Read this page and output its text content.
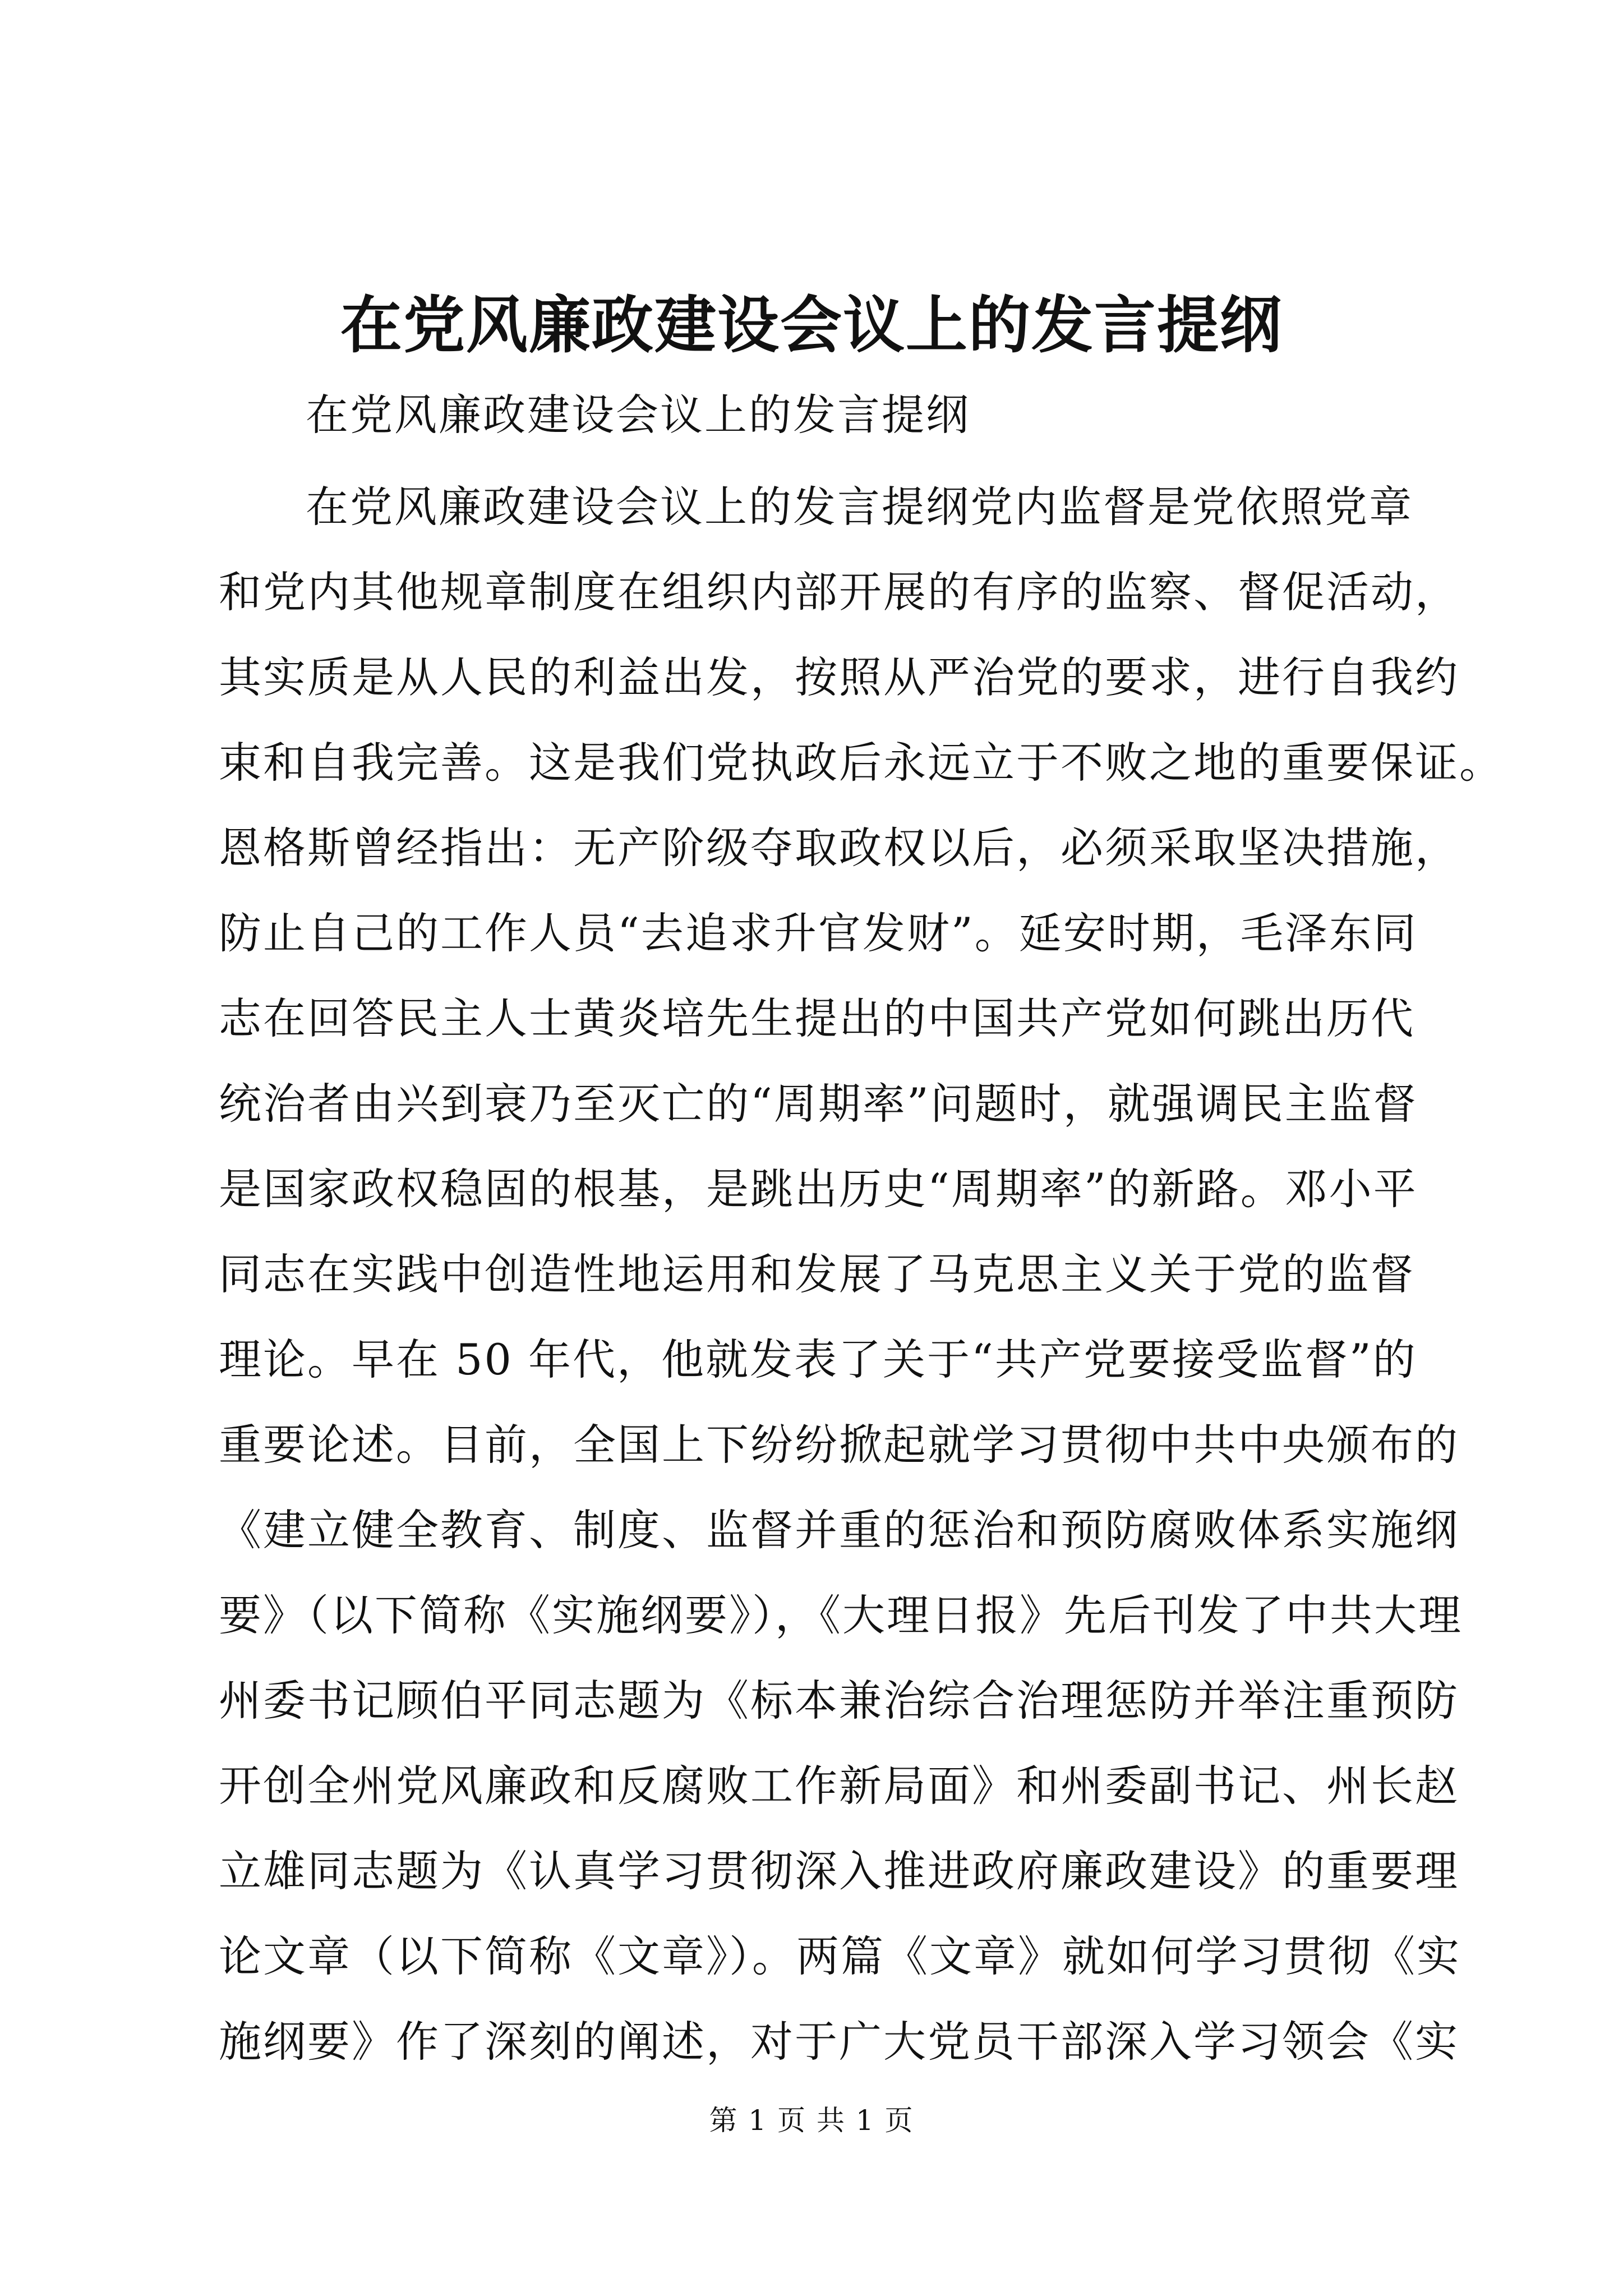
在党风廉政建设会议上的发言提纲

在党风廉政建设会议上的发言提纲

在党风廉政建设会议上的发言提纲党内监督是党依照党章
和党内其他规章制度在组织内部开展的有序的监察、督促活动，
其实质是从人民的利益出发，按照从严治党的要求，进行自我约
束和自我完善。这是我们党执政后永远立于不败之地的重要保证。
恩格斯曾经指出：无产阶级夺取政权以后，必须采取坚决措施，
防止自己的工作人员“去追求升官发财”。延安时期，毛泽东同
志在回答民主人士黄炎培先生提出的中国共产党如何跳出历代
统治者由兴到衰乃至灭亡的“周期率”问题时，就强调民主监督
是国家政权稳固的根基，是跳出历史“周期率”的新路。邓小平
同志在实践中创造性地运用和发展了马克思主义关于党的监督
理论。早在 50 年代，他就发表了关于“共产党要接受监督”的
重要论述。目前，全国上下纷纷掀起就学习贯彻中共中央颁布的
《建立健全教育、制度、监督并重的惩治和预防腐败体系实施纲
要》（以下简称《实施纲要》），《大理日报》先后刊发了中共大理
州委书记顾伯平同志题为《标本兼治综合治理惩防并举注重预防
开创全州党风廉政和反腐败工作新局面》和州委副书记、州长赵
立雄同志题为《认真学习贯彻深入推进政府廉政建设》的重要理
论文章（以下简称《文章》）。两篇《文章》就如何学习贯彻《实
施纲要》作了深刻的阐述，对于广大党员干部深入学习领会《实

第 1 页 共 1 页
